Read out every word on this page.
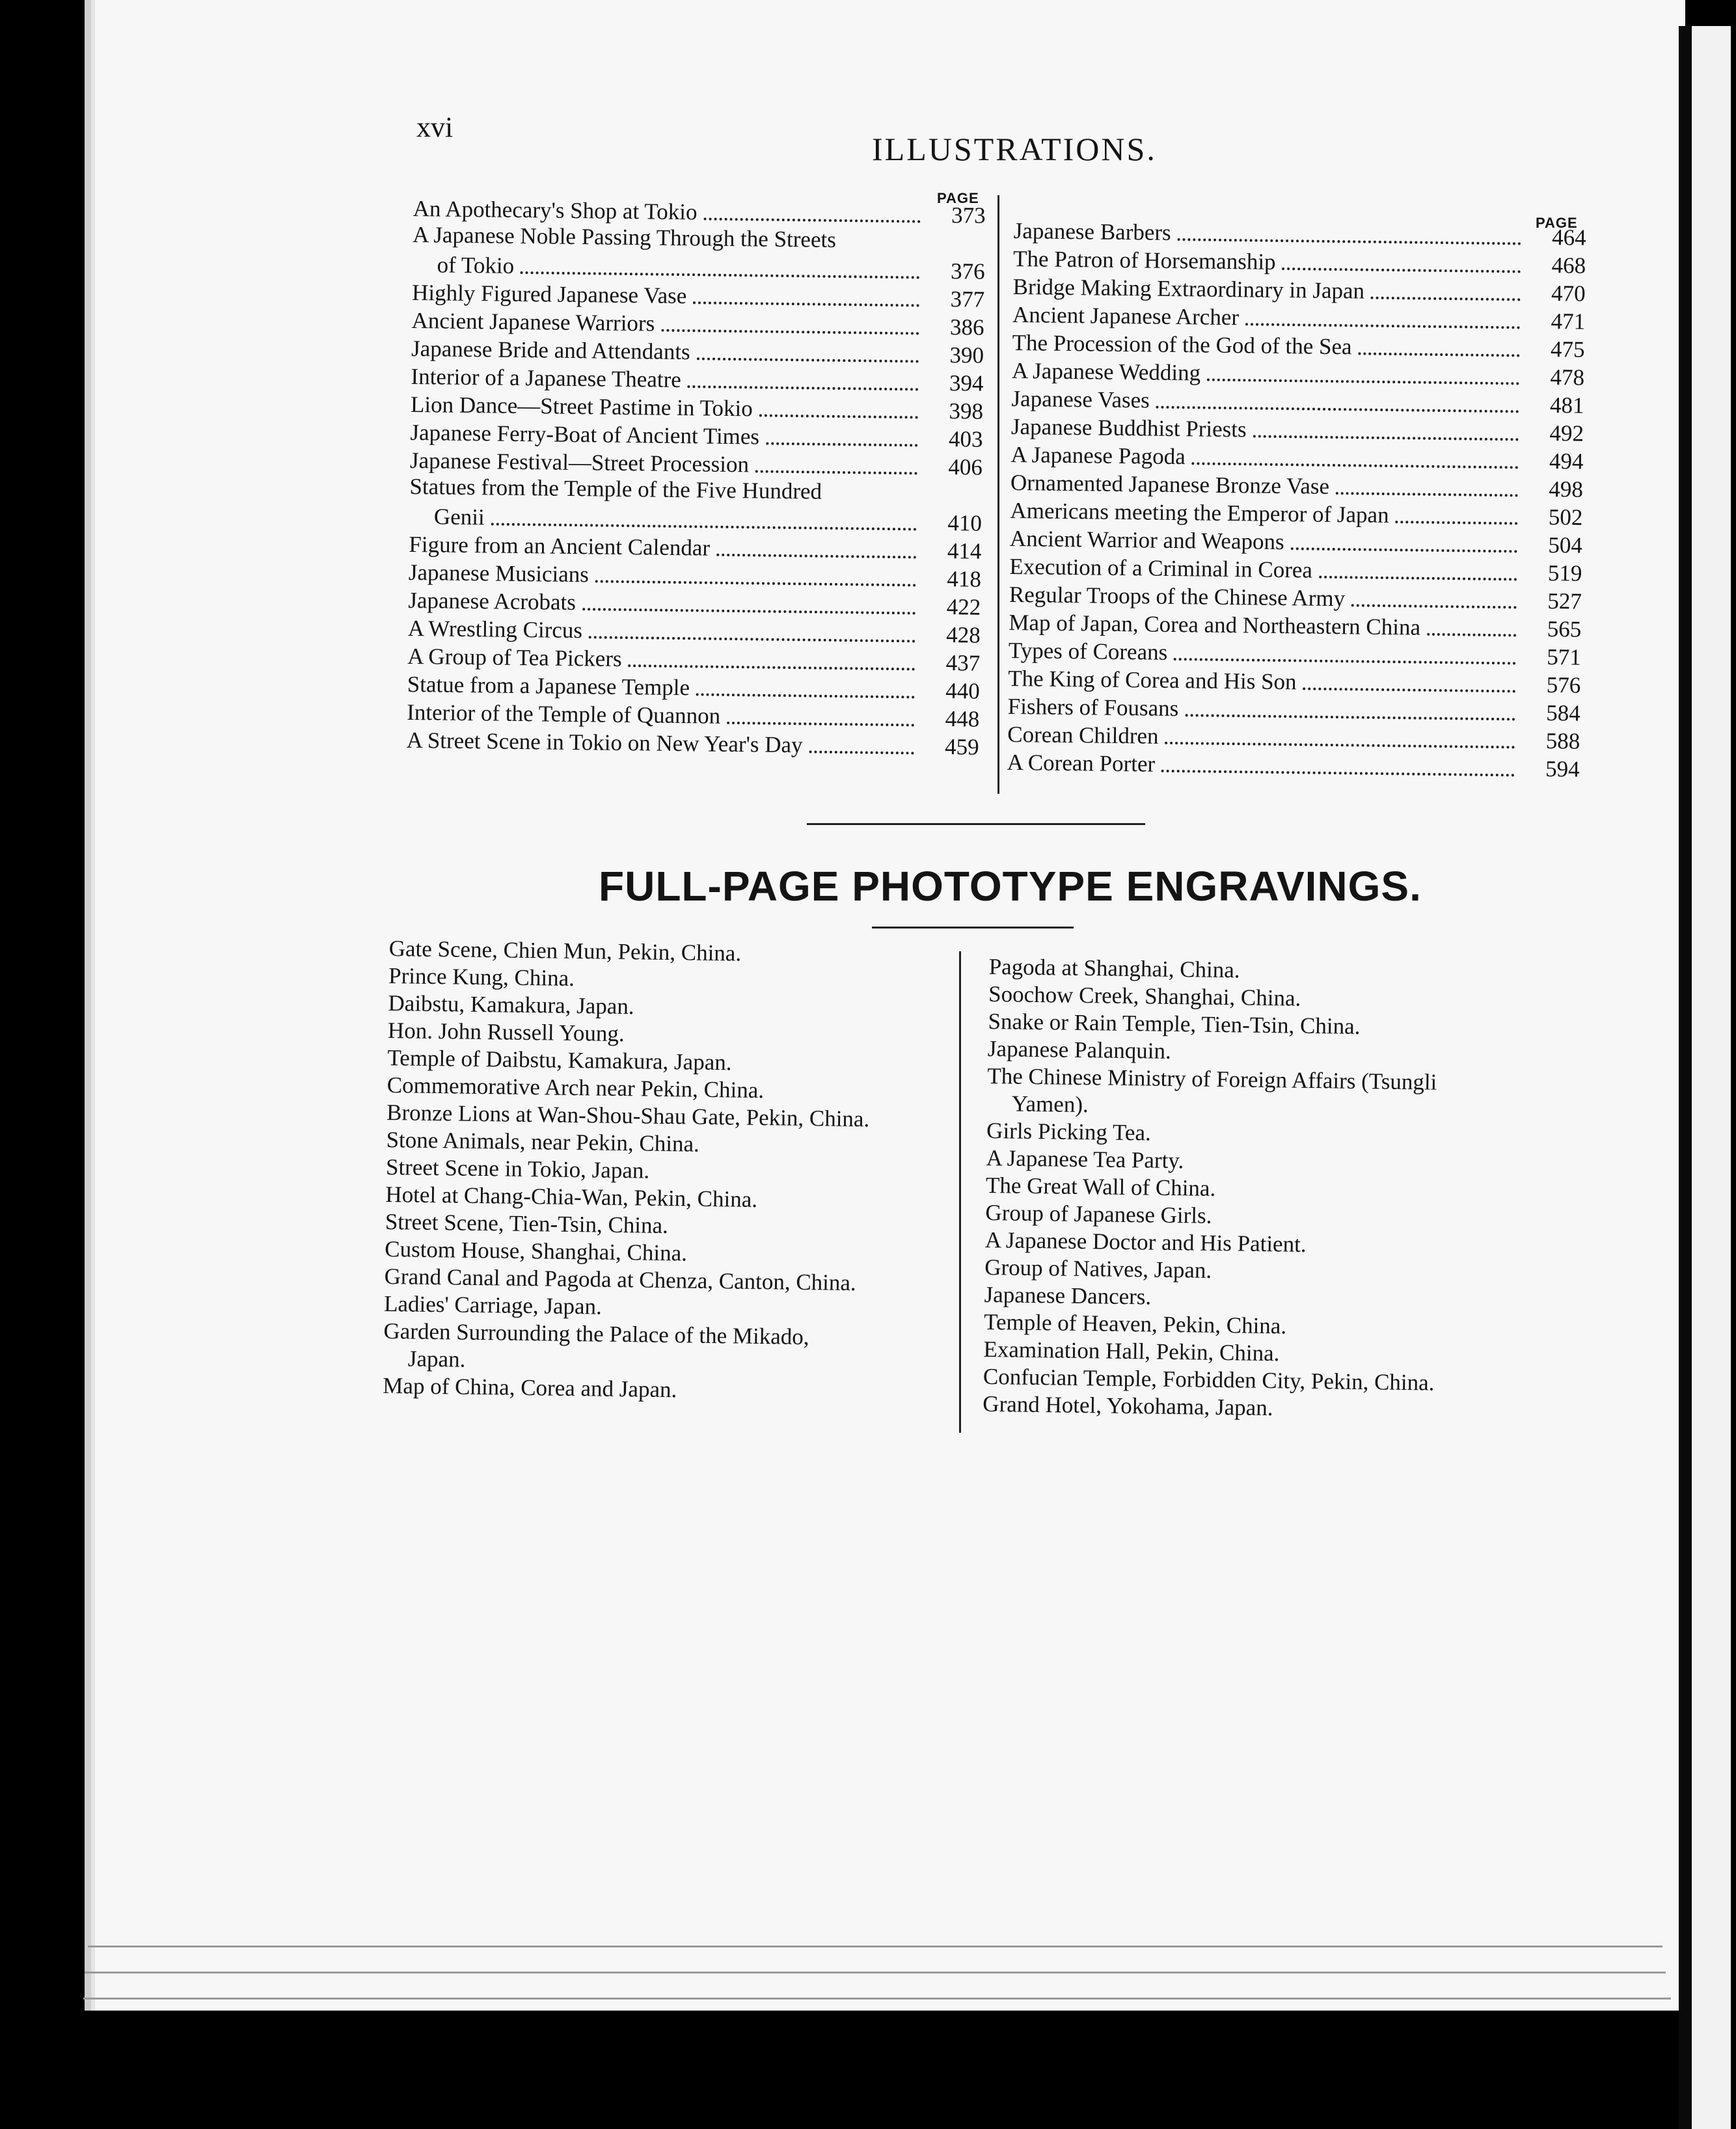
xvi
ILLUSTRATIONS.
PAGE
PAGE
An Apothecary's Shop at Tokio	373
A Japanese Noble Passing Through the Streets
of Tokio	376
Highly Figured Japanese Vase	377
Ancient Japanese Warriors	386
Japanese Bride and Attendants	390
Interior of a Japanese Theatre	394
Lion Dance—Street Pastime in Tokio	398
Japanese Ferry-Boat of Ancient Times	403
Japanese Festival—Street Procession	406
Statues from the Temple of the Five Hundred
Genii	410
Figure from an Ancient Calendar	414
Japanese Musicians	418
Japanese Acrobats	422
A Wrestling Circus	428
A Group of Tea Pickers	437
Statue from a Japanese Temple	440
Interior of the Temple of Quannon	448
A Street Scene in Tokio on New Year's Day	459
Japanese Barbers	464
The Patron of Horsemanship	468
Bridge Making Extraordinary in Japan	470
Ancient Japanese Archer	471
The Procession of the God of the Sea	475
A Japanese Wedding	478
Japanese Vases	481
Japanese Buddhist Priests	492
A Japanese Pagoda	494
Ornamented Japanese Bronze Vase	498
Americans meeting the Emperor of Japan	502
Ancient Warrior and Weapons	504
Execution of a Criminal in Corea	519
Regular Troops of the Chinese Army	527
Map of Japan, Corea and Northeastern China	565
Types of Coreans	571
The King of Corea and His Son	576
Fishers of Fousans	584
Corean Children	588
A Corean Porter	594
FULL-PAGE PHOTOTYPE ENGRAVINGS.
Gate Scene, Chien Mun, Pekin, China.
Prince Kung, China.
Daibstu, Kamakura, Japan.
Hon. John Russell Young.
Temple of Daibstu, Kamakura, Japan.
Commemorative Arch near Pekin, China.
Bronze Lions at Wan-Shou-Shau Gate, Pekin, China.
Stone Animals, near Pekin, China.
Street Scene in Tokio, Japan.
Hotel at Chang-Chia-Wan, Pekin, China.
Street Scene, Tien-Tsin, China.
Custom House, Shanghai, China.
Grand Canal and Pagoda at Chenza, Canton, China.
Ladies' Carriage, Japan.
Garden Surrounding the Palace of the Mikado,
Japan.
Map of China, Corea and Japan.
Pagoda at Shanghai, China.
Soochow Creek, Shanghai, China.
Snake or Rain Temple, Tien-Tsin, China.
Japanese Palanquin.
The Chinese Ministry of Foreign Affairs (Tsungli
Yamen).
Girls Picking Tea.
A Japanese Tea Party.
The Great Wall of China.
Group of Japanese Girls.
A Japanese Doctor and His Patient.
Group of Natives, Japan.
Japanese Dancers.
Temple of Heaven, Pekin, China.
Examination Hall, Pekin, China.
Confucian Temple, Forbidden City, Pekin, China.
Grand Hotel, Yokohama, Japan.
